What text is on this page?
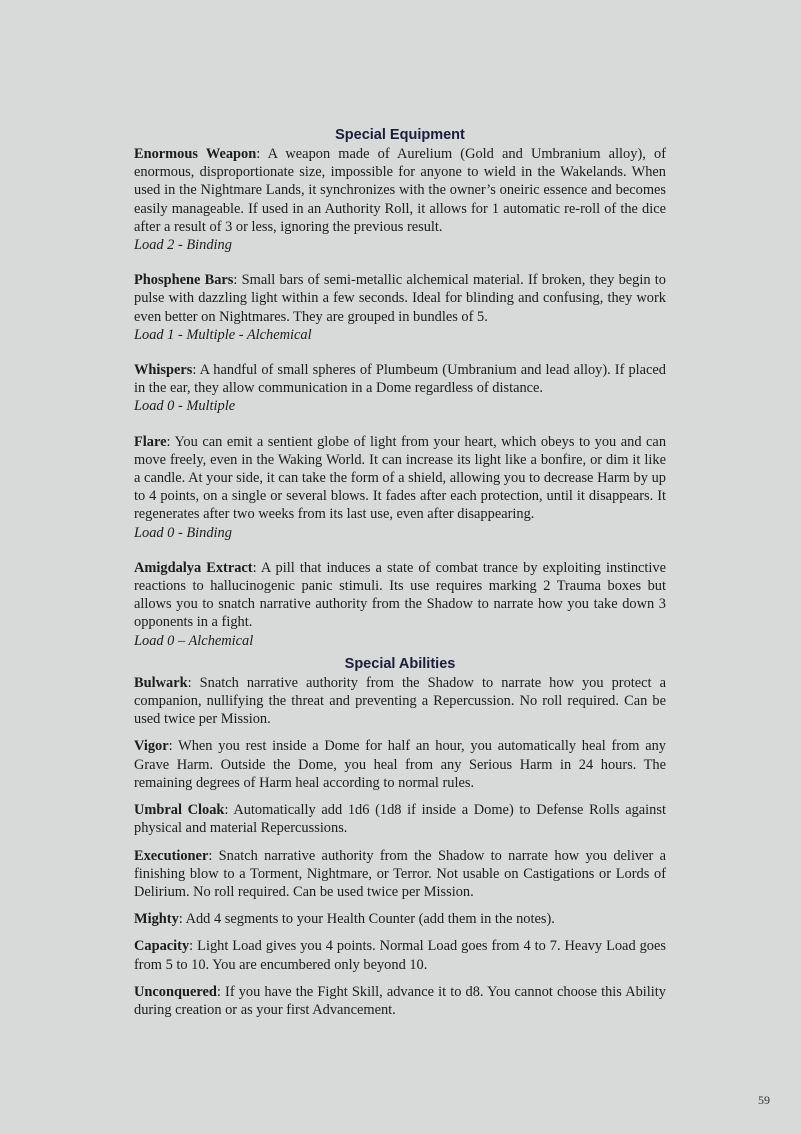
Special Equipment

Enormous Weapon: A weapon made of Aurelium (Gold and Umbranium alloy), of enormous, disproportionate size, impossible for anyone to wield in the Wakelands. When used in the Nightmare Lands, it synchronizes with the owner’s oneiric essence and becomes easily manageable. If used in an Authority Roll, it allows for 1 automatic re-roll of the dice after a result of 3 or less, ignoring the previous result.

Load 2 - Binding

Phosphene Bars: Small bars of semi-metallic alchemical material. If broken, they begin to pulse with dazzling light within a few seconds. Ideal for blinding and confusing, they work even better on Nightmares. They are grouped in bundles of 5.

Load 1 - Multiple - Alchemical

Whispers: A handful of small spheres of Plumbeum (Umbranium and lead alloy). If placed in the ear, they allow communication in a Dome regardless of distance.

Load 0 - Multiple

Flare: You can emit a sentient globe of light from your heart, which obeys to you and can move freely, even in the Waking World. It can increase its light like a bonfire, or dim it like a candle. At your side, it can take the form of a shield, allowing you to decrease Harm by up to 4 points, on a single or several blows. It fades after each protection, until it disappears. It regenerates after two weeks from its last use, even after disappearing.

Load 0 - Binding

Amigdalya Extract: A pill that induces a state of combat trance by exploiting instinctive reactions to hallucinogenic panic stimuli. Its use requires marking 2 Trauma boxes but allows you to snatch narrative authority from the Shadow to narrate how you take down 3 opponents in a fight.

Load 0 – Alchemical

Special Abilities

Bulwark: Snatch narrative authority from the Shadow to narrate how you protect a companion, nullifying the threat and preventing a Repercussion. No roll required. Can be used twice per Mission.

Vigor: When you rest inside a Dome for half an hour, you automatically heal from any Grave Harm. Outside the Dome, you heal from any Serious Harm in 24 hours. The remaining degrees of Harm heal according to normal rules.

Umbral Cloak: Automatically add 1d6 (1d8 if inside a Dome) to Defense Rolls against physical and material Repercussions.

Executioner: Snatch narrative authority from the Shadow to narrate how you deliver a finishing blow to a Torment, Nightmare, or Terror. Not usable on Castigations or Lords of Delirium. No roll required. Can be used twice per Mission.

Mighty: Add 4 segments to your Health Counter (add them in the notes).

Capacity: Light Load gives you 4 points. Normal Load goes from 4 to 7. Heavy Load goes from 5 to 10. You are encumbered only beyond 10.

Unconquered: If you have the Fight Skill, advance it to d8. You cannot choose this Ability during creation or as your first Advancement.

59
